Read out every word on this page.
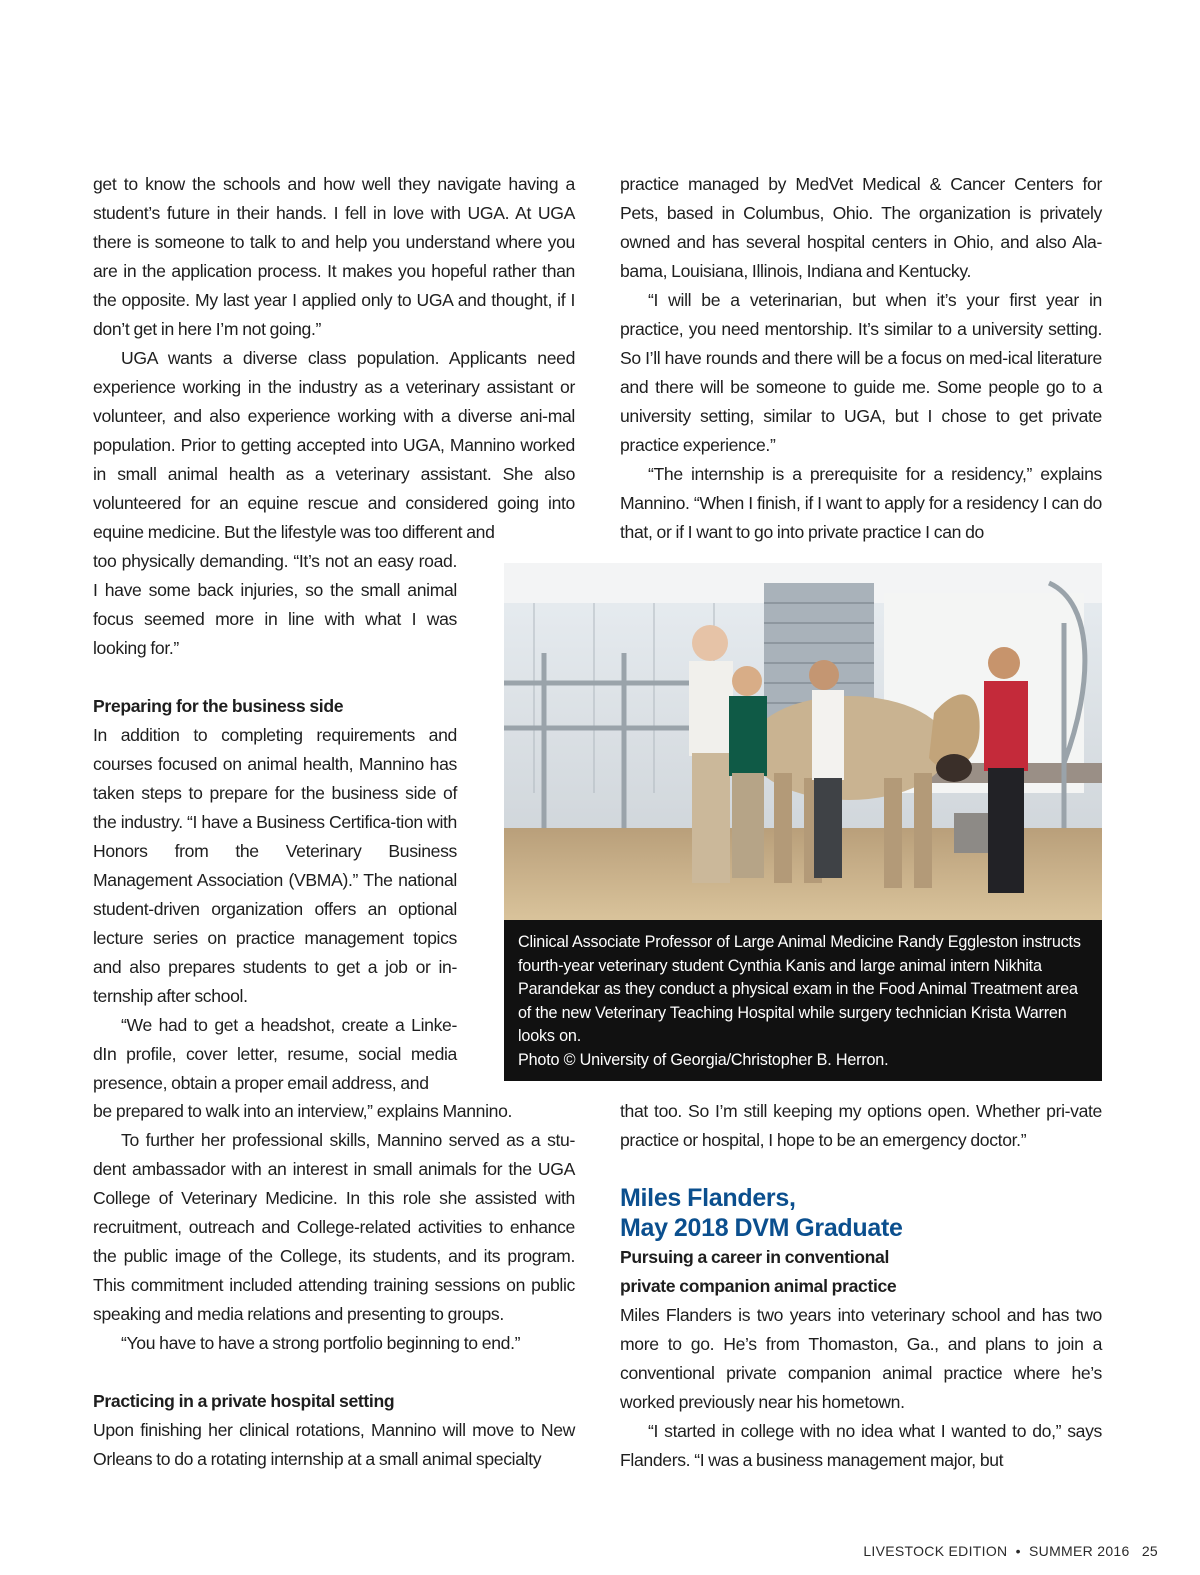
get to know the schools and how well they navigate having a student’s future in their hands. I fell in love with UGA. At UGA there is someone to talk to and help you understand where you are in the application process. It makes you hopeful rather than the opposite. My last year I applied only to UGA and thought, if I don’t get in here I’m not going.”

UGA wants a diverse class population. Applicants need experience working in the industry as a veterinary assistant or volunteer, and also experience working with a diverse ani-mal population. Prior to getting accepted into UGA, Mannino worked in small animal health as a veterinary assistant. She also volunteered for an equine rescue and considered going into equine medicine. But the lifestyle was too different and

too physically demanding. “It’s not an easy road. I have some back injuries, so the small animal focus seemed more in line with what I was looking for.”

Preparing for the business side

In addition to completing requirements and courses focused on animal health, Mannino has taken steps to prepare for the business side of the industry. “I have a Business Certifica-tion with Honors from the Veterinary Business Management Association (VBMA).” The national student-driven organization offers an optional lecture series on practice management topics and also prepares students to get a job or in-ternship after school.

“We had to get a headshot, create a Linke-dIn profile, cover letter, resume, social media presence, obtain a proper email address, and

be prepared to walk into an interview,” explains Mannino.

To further her professional skills, Mannino served as a stu-dent ambassador with an interest in small animals for the UGA College of Veterinary Medicine. In this role she assisted with recruitment, outreach and College-related activities to enhance the public image of the College, its students, and its program. This commitment included attending training sessions on public speaking and media relations and presenting to groups.

“You have to have a strong portfolio beginning to end.”

Practicing in a private hospital setting

Upon finishing her clinical rotations, Mannino will move to New Orleans to do a rotating internship at a small animal specialty

practice managed by MedVet Medical & Cancer Centers for Pets, based in Columbus, Ohio. The organization is privately owned and has several hospital centers in Ohio, and also Ala-bama, Louisiana, Illinois, Indiana and Kentucky.

“I will be a veterinarian, but when it’s your first year in practice, you need mentorship. It’s similar to a university setting. So I’ll have rounds and there will be a focus on med-ical literature and there will be someone to guide me. Some people go to a university setting, similar to UGA, but I chose to get private practice experience.”

“The internship is a prerequisite for a residency,” explains Mannino. “When I finish, if I want to apply for a residency I can do that, or if I want to go into private practice I can do

Clinical Associate Professor of Large Animal Medicine Randy Eggleston instructs fourth-year veterinary student Cynthia Kanis and large animal intern Nikhita Parandekar as they conduct a physical exam in the Food Animal Treatment area of the new Veterinary Teaching Hospital while surgery technician Krista Warren looks on.

Photo © University of Georgia/Christopher B. Herron.

that too. So I’m still keeping my options open. Whether pri-vate practice or hospital, I hope to be an emergency doctor.”

Miles Flanders,

May 2018 DVM Graduate

Pursuing a career in conventional

private companion animal practice

Miles Flanders is two years into veterinary school and has two more to go. He’s from Thomaston, Ga., and plans to join a conventional private companion animal practice where he’s worked previously near his hometown.

“I started in college with no idea what I wanted to do,” says Flanders. “I was a business management major, but

LIVESTOCK EDITION • SUMMER 2016 25
